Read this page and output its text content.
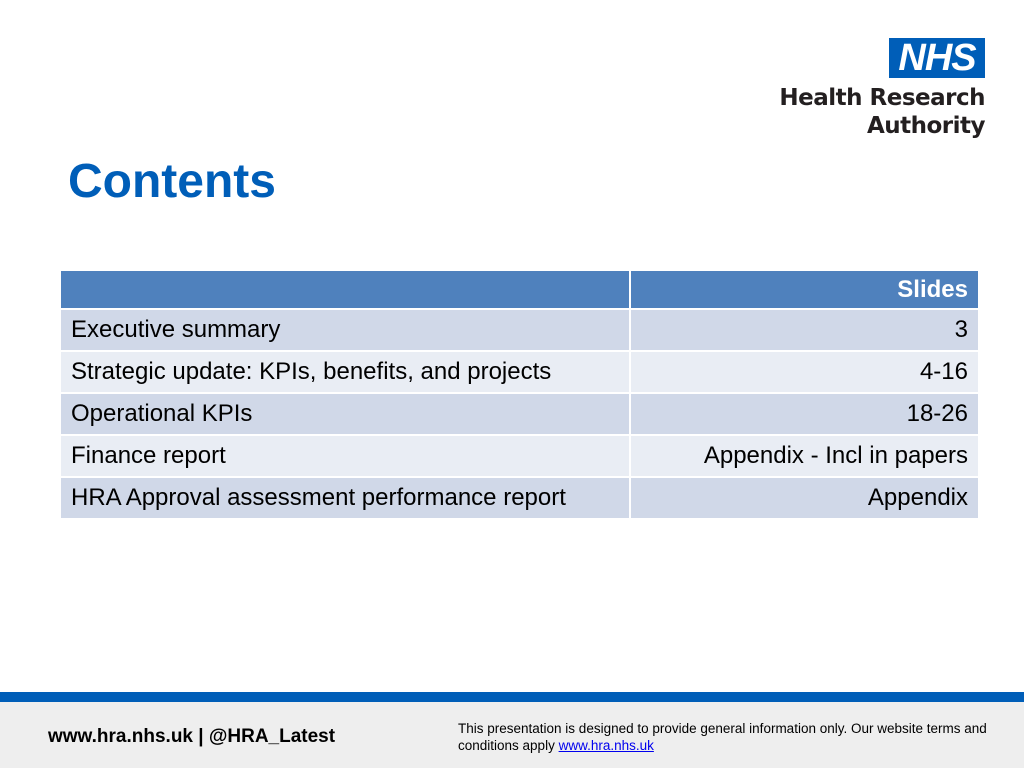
NHS
Health Research
Authority
Contents
	Slides
Executive summary	3
Strategic update: KPIs, benefits, and projects	4-16
Operational KPIs	18-26
Finance report	Appendix - Incl in papers
HRA Approval assessment performance report	Appendix
www.hra.nhs.uk | @HRA_Latest	This presentation is designed to provide general information only. Our website terms and conditions apply www.hra.nhs.uk
